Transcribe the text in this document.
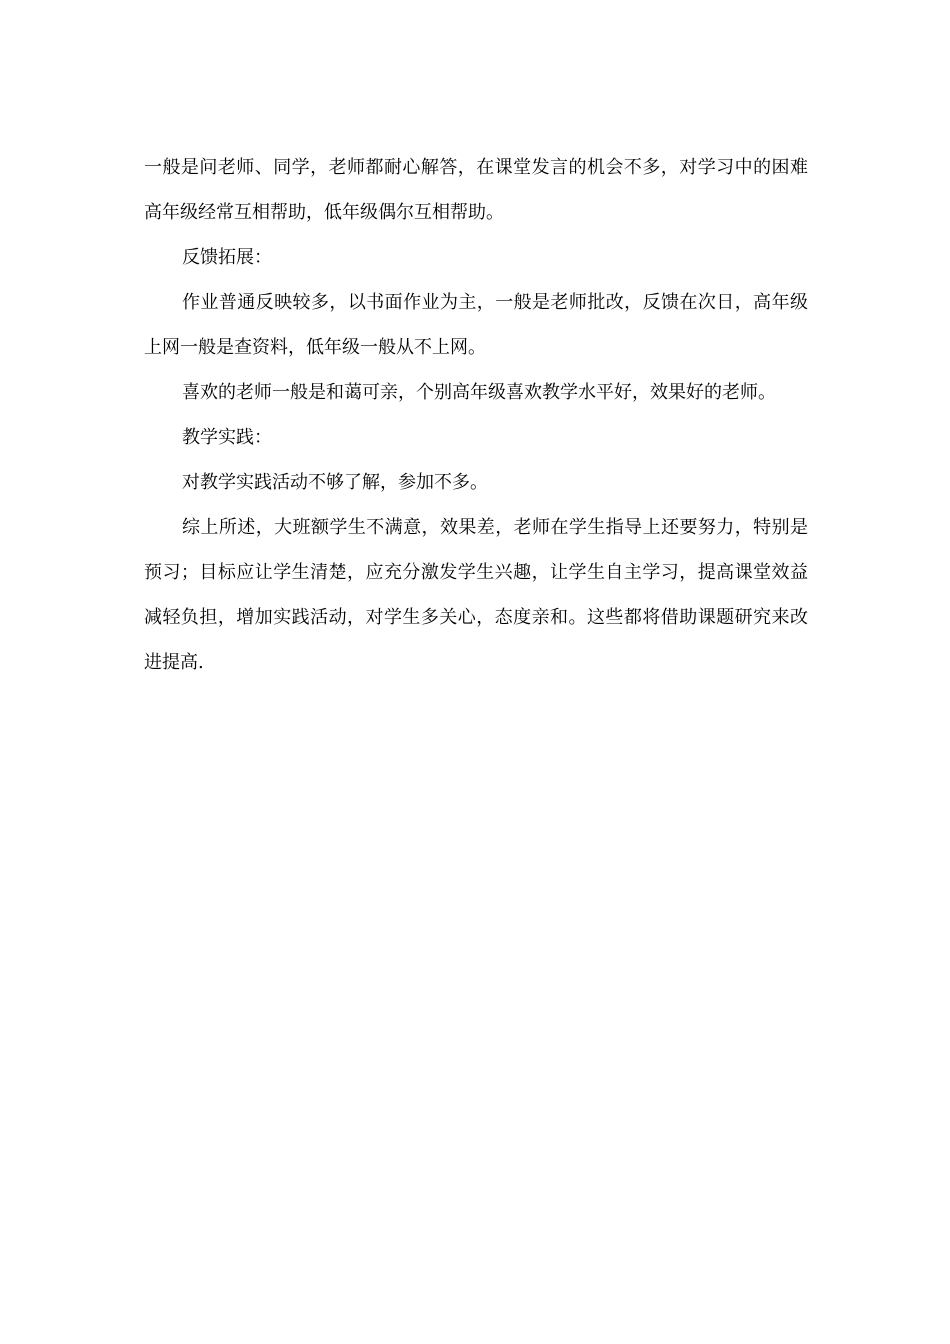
一般是问老师、同学，老师都耐心解答，在课堂发言的机会不多，对学习中的困难
高年级经常互相帮助，低年级偶尔互相帮助。
反馈拓展：
作业普通反映较多，以书面作业为主，一般是老师批改，反馈在次日，高年级
上网一般是查资料，低年级一般从不上网。
喜欢的老师一般是和蔼可亲，个别高年级喜欢教学水平好，效果好的老师。
教学实践：
对教学实践活动不够了解，参加不多。
综上所述，大班额学生不满意，效果差，老师在学生指导上还要努力，特别是
预习；目标应让学生清楚，应充分激发学生兴趣，让学生自主学习，提高课堂效益
减轻负担，增加实践活动，对学生多关心，态度亲和。这些都将借助课题研究来改
进提高.
